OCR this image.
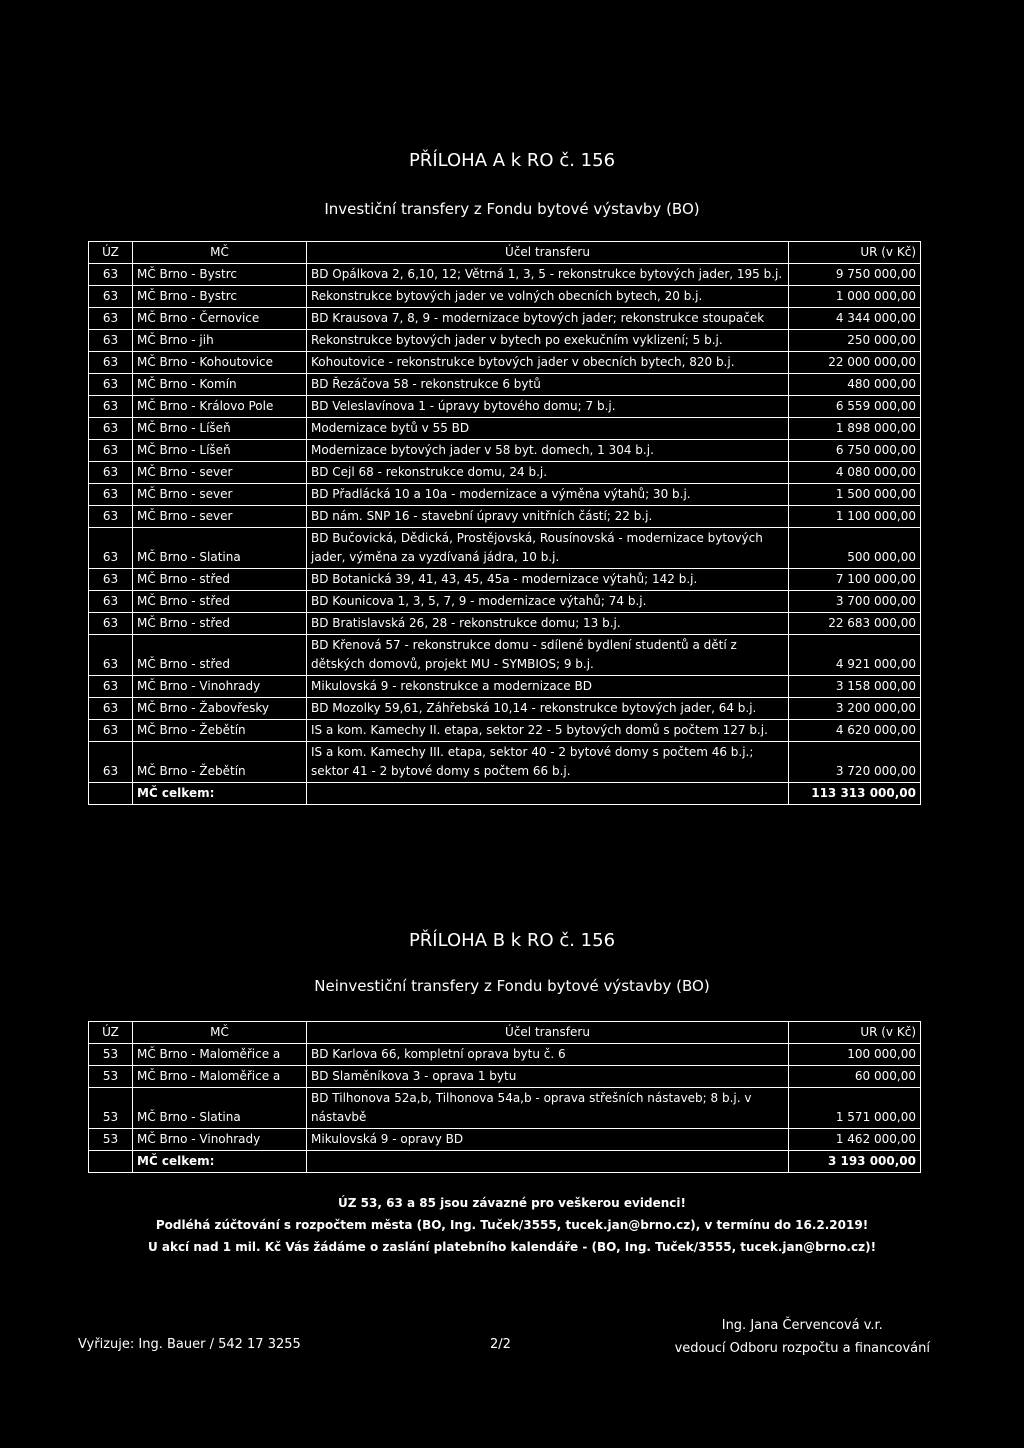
PŘÍLOHA A k RO č. 156
Investiční transfery z Fondu bytové výstavby (BO)
ÚZ	MČ	Účel transferu	UR (v Kč)
63	MČ Brno - Bystrc	BD Opálkova 2, 6,10, 12; Větrná 1, 3, 5 - rekonstrukce bytových jader, 195 b.j.	9 750 000,00
63	MČ Brno - Bystrc	Rekonstrukce bytových jader ve volných obecních bytech, 20 b.j.	1 000 000,00
63	MČ Brno - Černovice	BD Krausova 7, 8, 9 - modernizace bytových jader; rekonstrukce stoupaček	4 344 000,00
63	MČ Brno - jih	Rekonstrukce bytových jader v bytech po exekučním vyklizení; 5 b.j.	250 000,00
63	MČ Brno - Kohoutovice	Kohoutovice - rekonstrukce bytových jader v obecních bytech, 820 b.j.	22 000 000,00
63	MČ Brno - Komín	BD Řezáčova 58 - rekonstrukce 6 bytů	480 000,00
63	MČ Brno - Královo Pole	BD Veleslavínova 1 - úpravy bytového domu; 7 b.j.	6 559 000,00
63	MČ Brno - Líšeň	Modernizace bytů v 55 BD	1 898 000,00
63	MČ Brno - Líšeň	Modernizace bytových jader v 58 byt. domech, 1 304 b.j.	6 750 000,00
63	MČ Brno - sever	BD Cejl 68 - rekonstrukce domu, 24 b.j.	4 080 000,00
63	MČ Brno - sever	BD Přadlácká 10 a 10a - modernizace a výměna výtahů; 30 b.j.	1 500 000,00
63	MČ Brno - sever	BD nám. SNP 16 - stavební úpravy vnitřních částí; 22 b.j.	1 100 000,00
63	MČ Brno - Slatina	BD Bučovická, Dědická, Prostějovská, Rousínovská - modernizace bytových jader, výměna za vyzdívaná jádra, 10 b.j.	500 000,00
63	MČ Brno - střed	BD Botanická 39, 41, 43, 45, 45a - modernizace výtahů; 142 b.j.	7 100 000,00
63	MČ Brno - střed	BD Kounicova 1, 3, 5, 7, 9 - modernizace výtahů; 74 b.j.	3 700 000,00
63	MČ Brno - střed	BD Bratislavská 26, 28 - rekonstrukce domu; 13 b.j.	22 683 000,00
63	MČ Brno - střed	BD Křenová 57 - rekonstrukce domu - sdílené bydlení studentů a dětí z dětských domovů, projekt MU - SYMBIOS; 9 b.j.	4 921 000,00
63	MČ Brno - Vinohrady	Mikulovská 9 - rekonstrukce a modernizace BD	3 158 000,00
63	MČ Brno - Žabovřesky	BD Mozolky 59,61, Záhřebská 10,14 - rekonstrukce bytových jader, 64 b.j.	3 200 000,00
63	MČ Brno - Žebětín	IS a kom. Kamechy II. etapa, sektor 22 - 5 bytových domů s počtem 127 b.j.	4 620 000,00
63	MČ Brno - Žebětín	IS a kom. Kamechy III. etapa, sektor 40 - 2 bytové domy s počtem 46 b.j.; sektor 41 - 2 bytové domy s počtem 66 b.j.	3 720 000,00
	MČ celkem:		113 313 000,00
PŘÍLOHA B k RO č. 156
Neinvestiční transfery z Fondu bytové výstavby (BO)
ÚZ	MČ	Účel transferu	UR (v Kč)
53	MČ Brno - Maloměřice a	BD Karlova 66, kompletní oprava bytu č. 6	100 000,00
53	MČ Brno - Maloměřice a	BD Slaměníkova 3 - oprava 1 bytu	60 000,00
53	MČ Brno - Slatina	BD Tilhonova 52a,b, Tilhonova 54a,b - oprava střešních nástaveb; 8 b.j. v nástavbě	1 571 000,00
53	MČ Brno - Vinohrady	Mikulovská 9 - opravy BD	1 462 000,00
	MČ celkem:		3 193 000,00
ÚZ 53, 63 a 85 jsou závazné pro veškerou evidenci!
Podléhá zúčtování s rozpočtem města (BO, Ing. Tuček/3555, tucek.jan@brno.cz), v termínu do 16.2.2019!
U akcí nad 1 mil. Kč Vás žádáme o zaslání platebního kalendáře - (BO, Ing. Tuček/3555, tucek.jan@brno.cz)!
Vyřizuje: Ing. Bauer / 542 17 3255	2/2
Ing. Jana Červencová v.r.
vedoucí Odboru rozpočtu a financování
